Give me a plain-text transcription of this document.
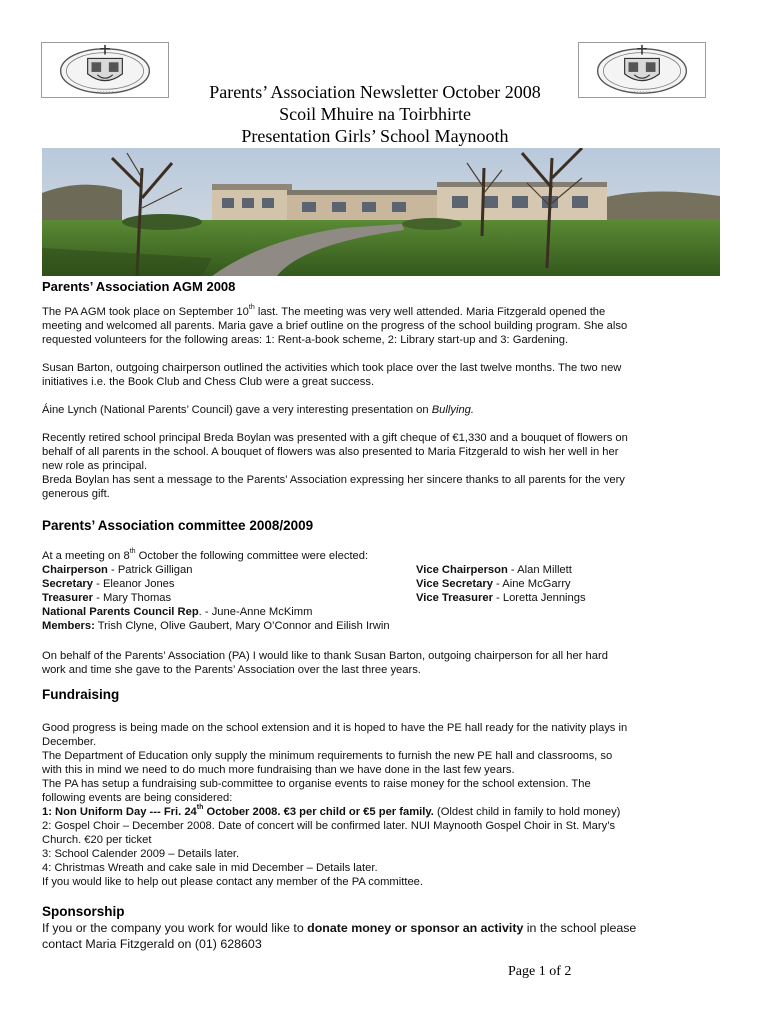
· · · · · ·	· · · · · ·
Parents’ Association Newsletter October 2008
Scoil Mhuire na Toirbhirte
Presentation Girls’ School Maynooth
Parents’ Association AGM 2008
The PA AGM took place on September 10th last. The meeting was very well attended. Maria Fitzgerald opened the
meeting and welcomed all parents. Maria gave a brief outline on the progress of the school building program. She also
requested volunteers for the following areas: 1: Rent-a-book scheme, 2: Library start-up and 3: Gardening.
Susan Barton, outgoing chairperson outlined the activities which took place over the last twelve months. The two new
initiatives i.e. the Book Club and Chess Club were a great success.
Áine Lynch (National Parents’ Council) gave a very interesting presentation on Bullying.
Recently retired school principal Breda Boylan was presented with a gift cheque of €1,330 and a bouquet of flowers on
behalf of all parents in the school. A bouquet of flowers was also presented to Maria Fitzgerald to wish her well in her
new role as principal.
Breda Boylan has sent a message to the Parents’ Association expressing her sincere thanks to all parents for the very
generous gift.
Parents’ Association committee 2008/2009
At a meeting on 8th October the following committee were elected:
Chairperson - Patrick Gilligan	Vice Chairperson - Alan Millett
Secretary - Eleanor Jones	Vice Secretary - Aine McGarry
Treasurer - Mary Thomas	Vice Treasurer - Loretta Jennings
National Parents Council Rep. - June-Anne McKimm
Members: Trish Clyne, Olive Gaubert, Mary O’Connor and Eilish Irwin
On behalf of the Parents’ Association (PA) I would like to thank Susan Barton, outgoing chairperson for all her hard
work and time she gave to the Parents’ Association over the last three years.
Fundraising
Good progress is being made on the school extension and it is hoped to have the PE hall ready for the nativity plays in
December.
The Department of Education only supply the minimum requirements to furnish the new PE hall and classrooms, so
with this in mind we need to do much more fundraising than we have done in the last few years.
The PA has setup a fundraising sub-committee to organise events to raise money for the school extension. The
following events are being considered:
1: Non Uniform Day --- Fri. 24th October 2008. €3 per child or €5 per family. (Oldest child in family to hold money)
2: Gospel Choir – December 2008. Date of concert will be confirmed later. NUI Maynooth Gospel Choir in St. Mary’s
Church. €20 per ticket
3: School Calender 2009 – Details later.
4: Christmas Wreath and cake sale in mid December – Details later.
If you would like to help out please contact any member of the PA committee.
Sponsorship
If you or the company you work for would like to donate money or sponsor an activity in the school please
contact Maria Fitzgerald on (01) 628603
Page 1 of 2
